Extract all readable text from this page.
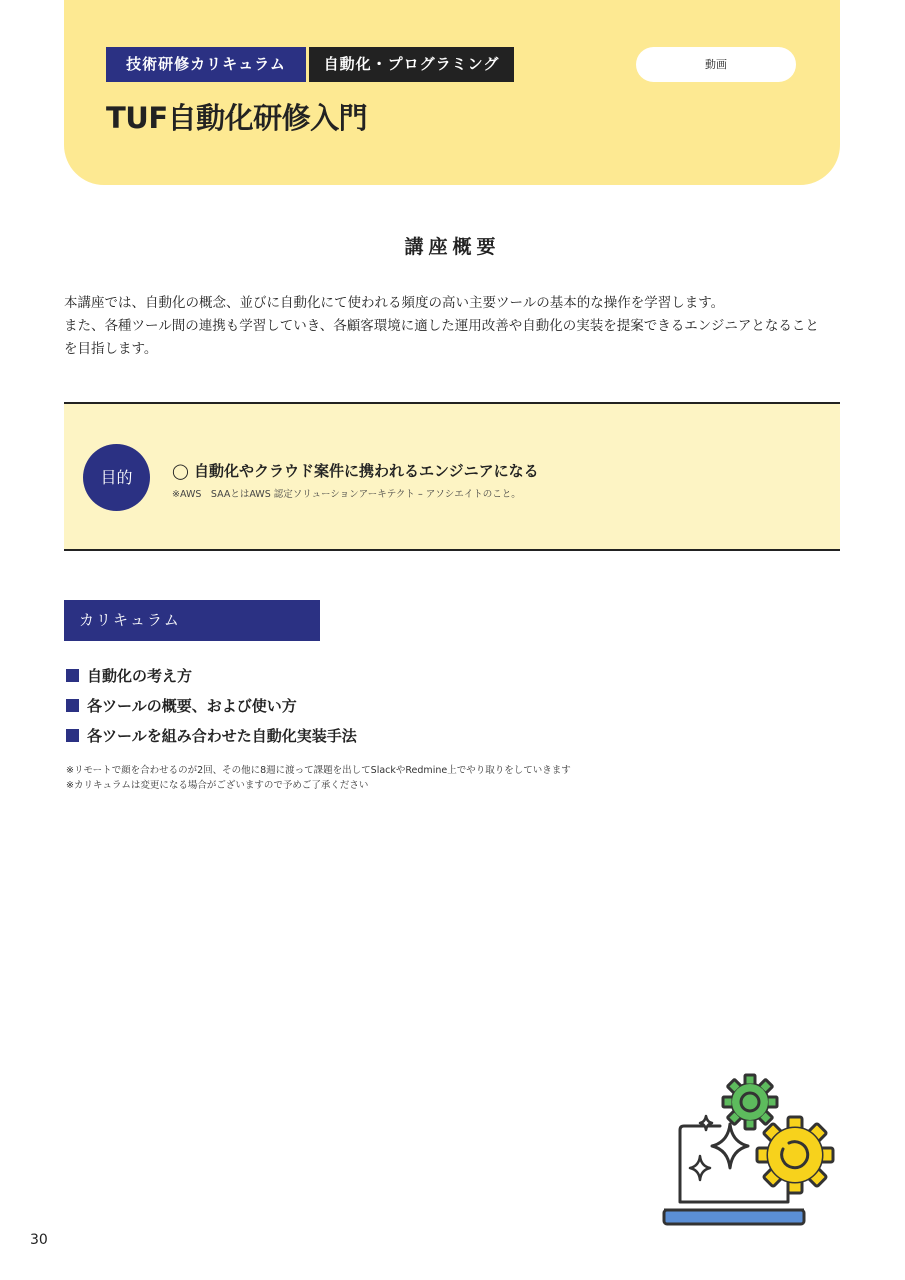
技術研修カリキュラム	自動化・プログラミング	動画
TUF自動化研修入門
講座概要

本講座では、自動化の概念、並びに自動化にて使われる頻度の高い主要ツールの基本的な操作を学習します。

また、各種ツール間の連携も学習していき、各顧客環境に適した運用改善や自動化の実装を提案できるエンジニアとなること

を目指します。

目的	◯ 自動化やクラウド案件に携われるエンジニアになる
※AWS　SAAとはAWS 認定ソリューションアーキテクト – アソシエイトのこと。
カリキュラム
自動化の考え方
各ツールの概要、および使い方
各ツールを組み合わせた自動化実装手法
※リモートで顔を合わせるのが2回、その他に8週に渡って課題を出してSlackやRedmine上でやり取りをしていきます
※カリキュラムは変更になる場合がございますので予めご了承ください
30
